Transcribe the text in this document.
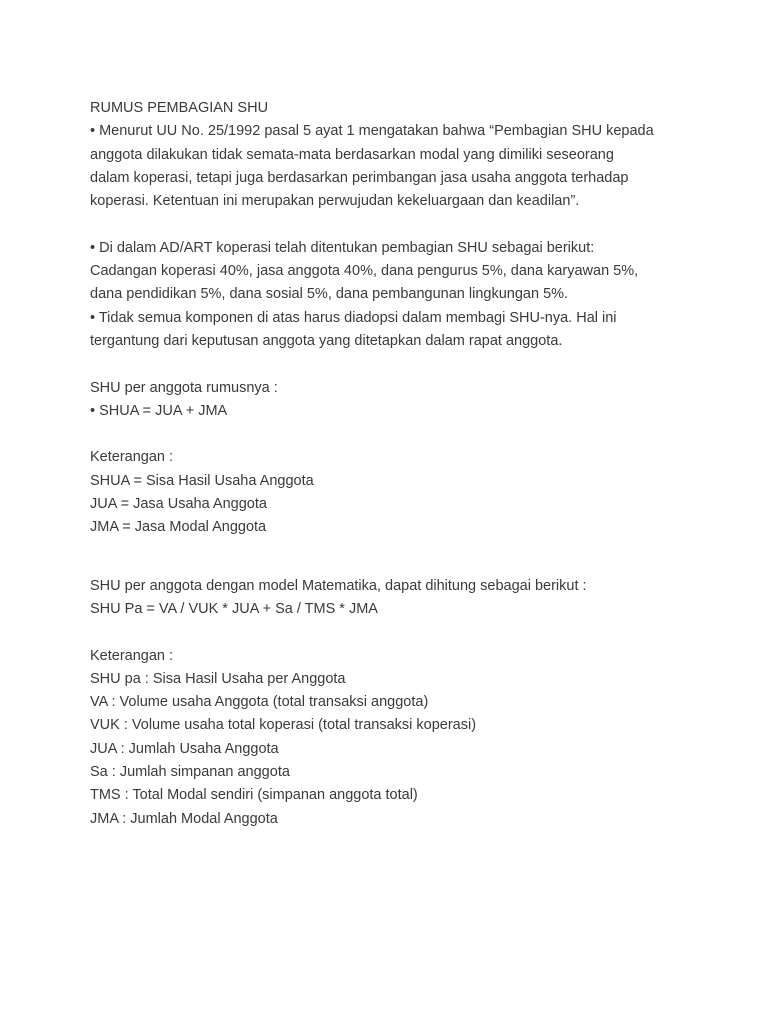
RUMUS PEMBAGIAN SHU
• Menurut UU No. 25/1992 pasal 5 ayat 1 mengatakan bahwa “Pembagian SHU kepada
anggota dilakukan tidak semata-mata berdasarkan modal yang dimiliki seseorang
dalam koperasi, tetapi juga berdasarkan perimbangan jasa usaha anggota terhadap
koperasi. Ketentuan ini merupakan perwujudan kekeluargaan dan keadilan”.
• Di dalam AD/ART koperasi telah ditentukan pembagian SHU sebagai berikut:
Cadangan koperasi 40%, jasa anggota 40%, dana pengurus 5%, dana karyawan 5%,
dana pendidikan 5%, dana sosial 5%, dana pembangunan lingkungan 5%.
• Tidak semua komponen di atas harus diadopsi dalam membagi SHU-nya. Hal ini
tergantung dari keputusan anggota yang ditetapkan dalam rapat anggota.
SHU per anggota rumusnya :
• SHUA = JUA + JMA
Keterangan :
SHUA = Sisa Hasil Usaha Anggota
JUA = Jasa Usaha Anggota
JMA = Jasa Modal Anggota
SHU per anggota dengan model Matematika, dapat dihitung sebagai berikut :
SHU Pa = VA / VUK * JUA + Sa / TMS * JMA
Keterangan :
SHU pa : Sisa Hasil Usaha per Anggota
VA : Volume usaha Anggota (total transaksi anggota)
VUK : Volume usaha total koperasi (total transaksi koperasi)
JUA : Jumlah Usaha Anggota
Sa : Jumlah simpanan anggota
TMS : Total Modal sendiri (simpanan anggota total)
JMA : Jumlah Modal Anggota
